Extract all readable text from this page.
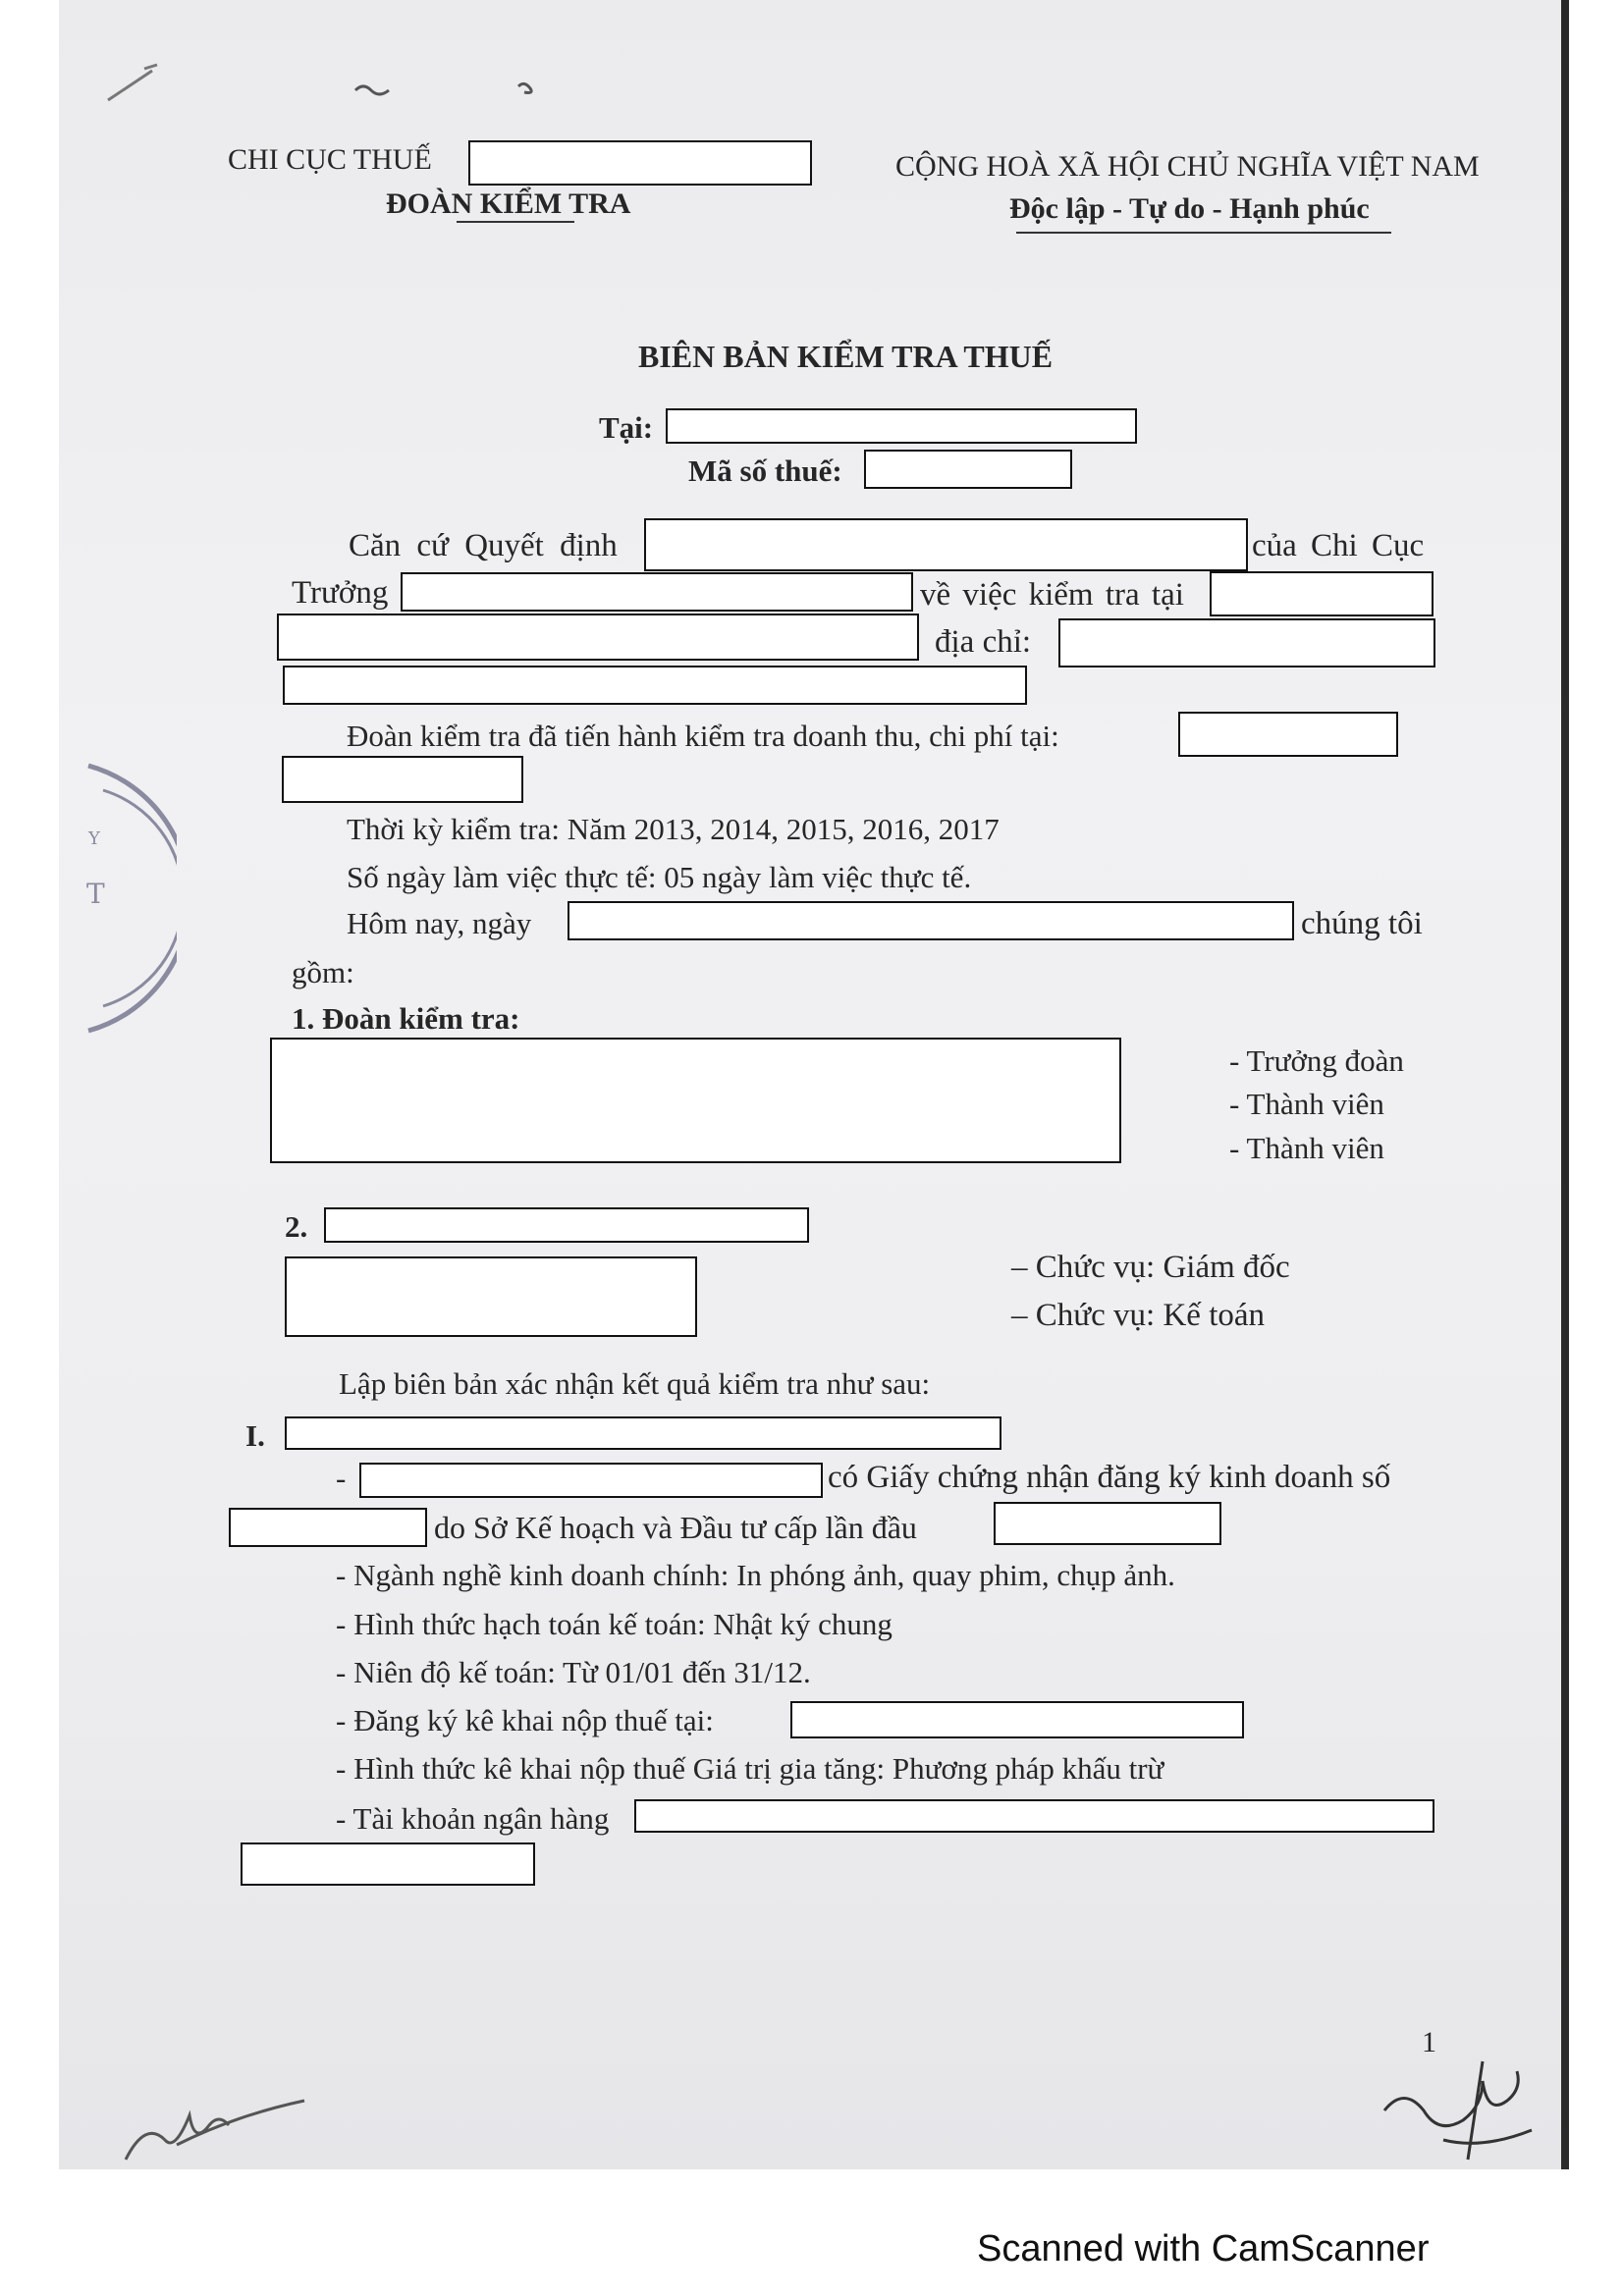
CHI CỤC THUẾ
ĐOÀN KIỂM TRA
CỘNG HOÀ XÃ HỘI CHỦ NGHĨA VIỆT NAM
Độc lập - Tự do - Hạnh phúc
BIÊN BẢN KIỂM TRA THUẾ
Tại:
Mã số thuế:
Căn cứ Quyết định	của Chi Cục
Trưởng	về việc kiểm tra tại
địa chỉ:
Đoàn kiểm tra đã tiến hành kiểm tra doanh thu, chi phí tại:
Thời kỳ kiểm tra: Năm 2013, 2014, 2015, 2016, 2017
Số ngày làm việc thực tế: 05 ngày làm việc thực tế.
Hôm nay, ngày	chúng tôi
gồm:
1. Đoàn kiểm tra:
- Trưởng đoàn
- Thành viên
- Thành viên
2.
– Chức vụ: Giám đốc
– Chức vụ: Kế toán
Lập biên bản xác nhận kết quả kiểm tra như sau:
I.
-	có Giấy chứng nhận đăng ký kinh doanh số
do Sở Kế hoạch và Đầu tư cấp lần đầu
- Ngành nghề kinh doanh chính: In phóng ảnh, quay phim, chụp ảnh.
- Hình thức hạch toán kế toán: Nhật ký chung
- Niên độ kế toán: Từ 01/01 đến 31/12.
- Đăng ký kê khai nộp thuế tại:
- Hình thức kê khai nộp thuế Giá trị gia tăng: Phương pháp khấu trừ
- Tài khoản ngân hàng
T
Y
1
Scanned with CamScanner
